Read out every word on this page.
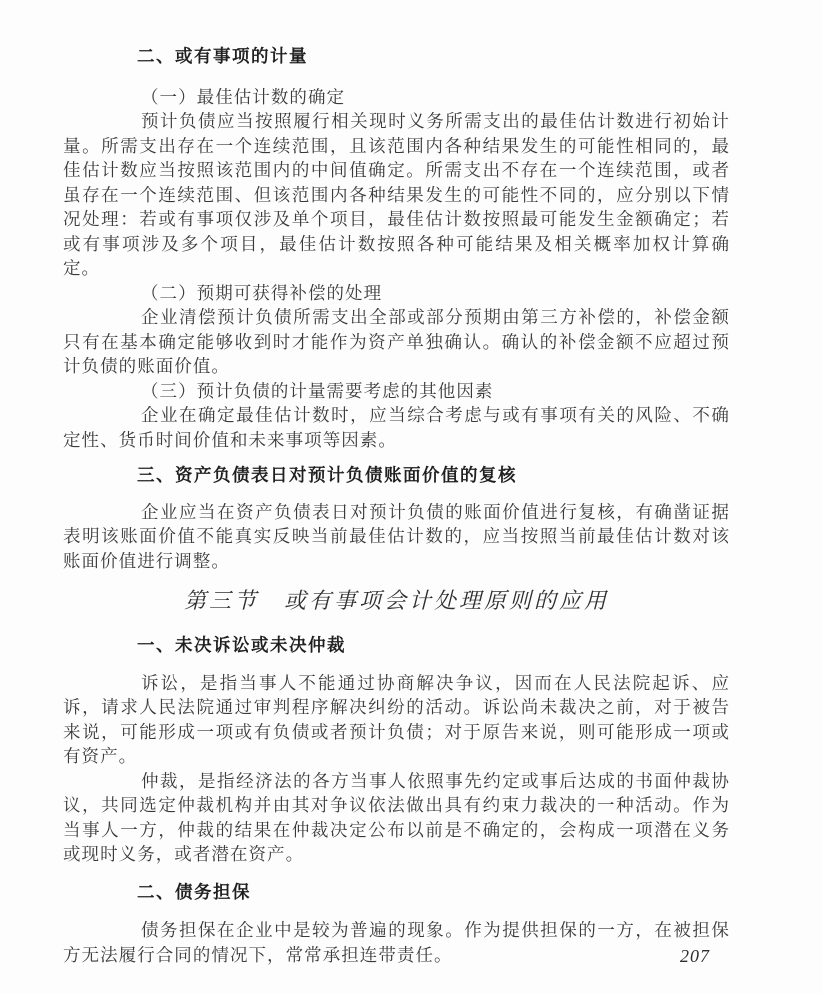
二、或有事项的计量

（一）最佳估计数的确定

预计负债应当按照履行相关现时义务所需支出的最佳估计数进行初始计量。所需支出存在一个连续范围，且该范围内各种结果发生的可能性相同的，最佳估计数应当按照该范围内的中间值确定。所需支出不存在一个连续范围，或者虽存在一个连续范围、但该范围内各种结果发生的可能性不同的，应分别以下情况处理：若或有事项仅涉及单个项目，最佳估计数按照最可能发生金额确定；若或有事项涉及多个项目，最佳估计数按照各种可能结果及相关概率加权计算确定。

（二）预期可获得补偿的处理

企业清偿预计负债所需支出全部或部分预期由第三方补偿的，补偿金额只有在基本确定能够收到时才能作为资产单独确认。确认的补偿金额不应超过预计负债的账面价值。

（三）预计负债的计量需要考虑的其他因素

企业在确定最佳估计数时，应当综合考虑与或有事项有关的风险、不确定性、货币时间价值和未来事项等因素。

三、资产负债表日对预计负债账面价值的复核

企业应当在资产负债表日对预计负债的账面价值进行复核，有确凿证据表明该账面价值不能真实反映当前最佳估计数的，应当按照当前最佳估计数对该账面价值进行调整。

第三节　或有事项会计处理原则的应用
一、未决诉讼或未决仲裁

诉讼，是指当事人不能通过协商解决争议，因而在人民法院起诉、应诉，请求人民法院通过审判程序解决纠纷的活动。诉讼尚未裁决之前，对于被告来说，可能形成一项或有负债或者预计负债；对于原告来说，则可能形成一项或有资产。

仲裁，是指经济法的各方当事人依照事先约定或事后达成的书面仲裁协议，共同选定仲裁机构并由其对争议依法做出具有约束力裁决的一种活动。作为当事人一方，仲裁的结果在仲裁决定公布以前是不确定的，会构成一项潜在义务或现时义务，或者潜在资产。

二、债务担保

债务担保在企业中是较为普遍的现象。作为提供担保的一方，在被担保方无法履行合同的情况下，常常承担连带责任。	207
